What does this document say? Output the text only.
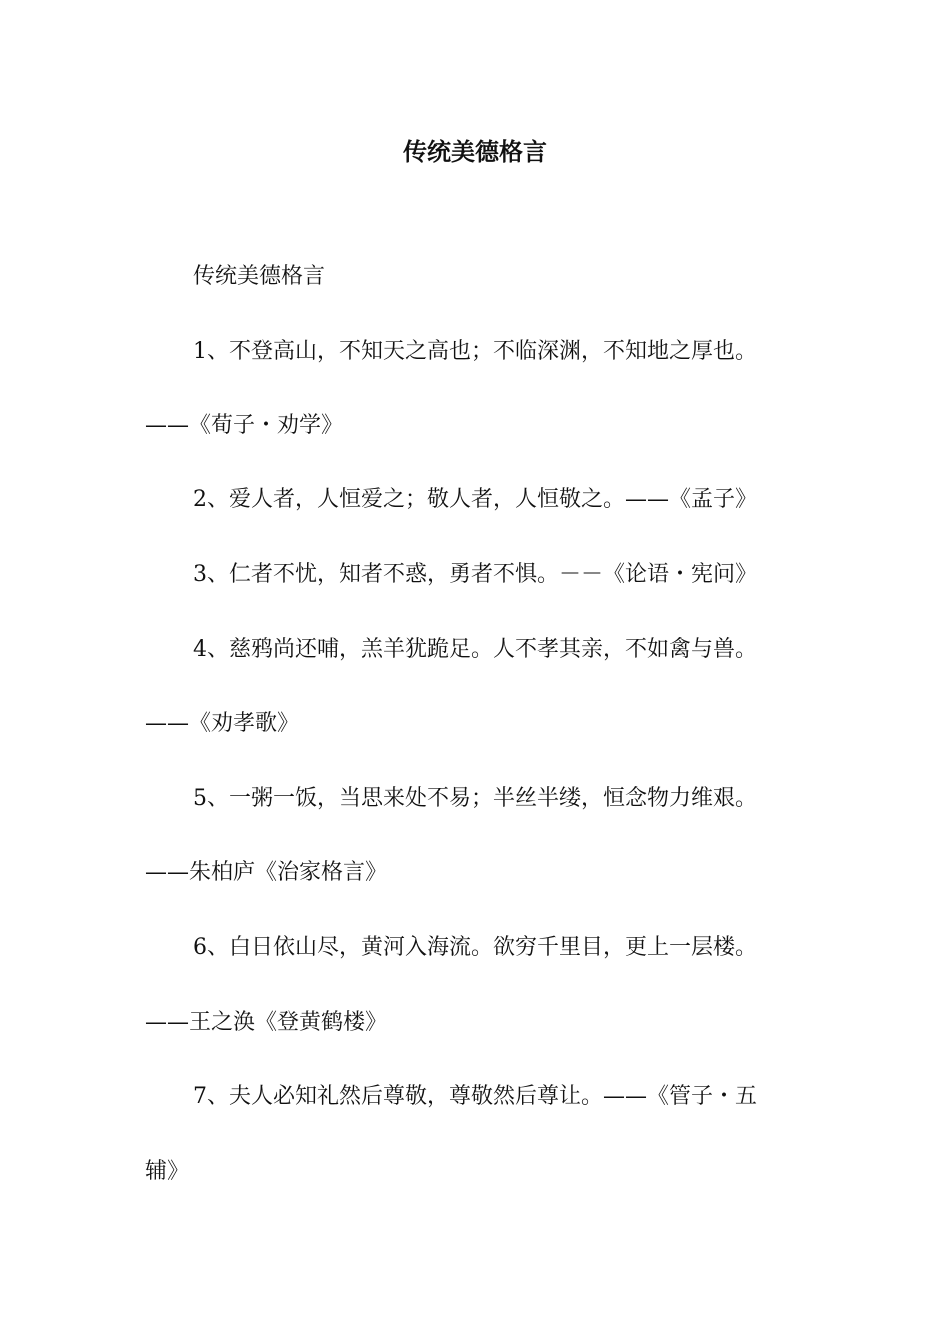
传统美德格言
传统美德格言
1、不登高山，不知天之高也；不临深渊，不知地之厚也。
——《荀子・劝学》
2、爱人者，人恒爱之；敬人者，人恒敬之。——《孟子》
3、仁者不忧，知者不惑，勇者不惧。－－《论语・宪问》
4、慈鸦尚还哺，羔羊犹跪足。人不孝其亲，不如禽与兽。
——《劝孝歌》
5、一粥一饭，当思来处不易；半丝半缕，恒念物力维艰。
——朱柏庐《治家格言》
6、白日依山尽，黄河入海流。欲穷千里目，更上一层楼。
——王之涣《登黄鹤楼》
7、夫人必知礼然后尊敬，尊敬然后尊让。——《管子・五
辅》
